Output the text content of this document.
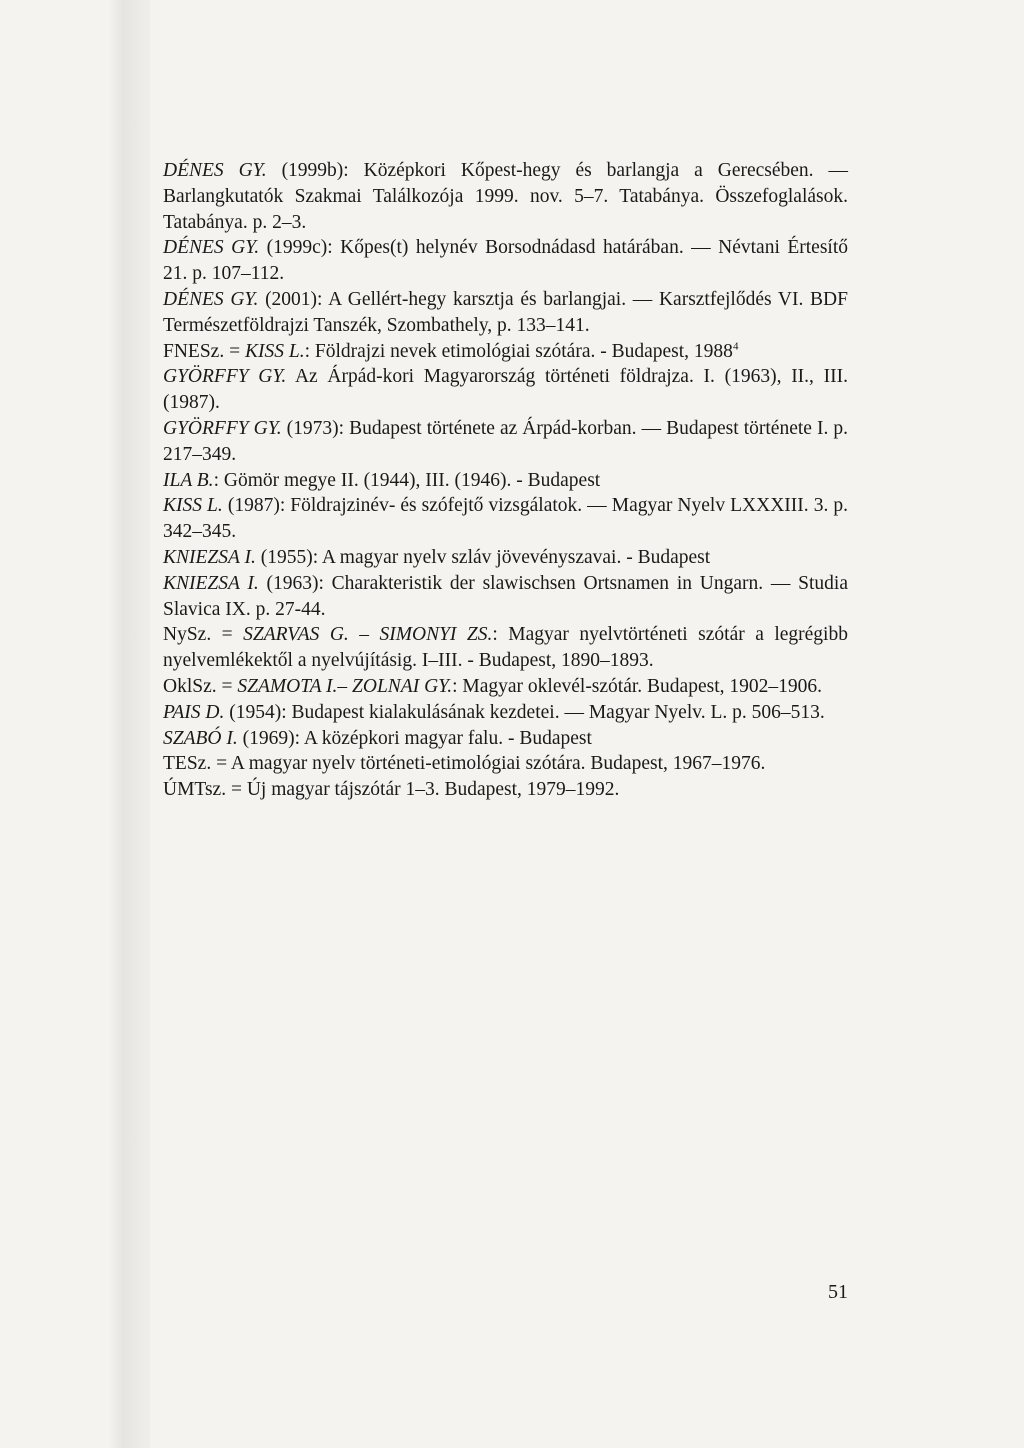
DÉNES GY. (1999b): Középkori Kőpest-hegy és barlangja a Gerecsében. — Barlangkutatók Szakmai Találkozója 1999. nov. 5–7. Tatabánya. Összefoglalások. Tatabánya. p. 2–3.

DÉNES GY. (1999c): Kőpes(t) helynév Borsodnádasd határában. — Névtani Értesítő 21. p. 107–112.

DÉNES GY. (2001): A Gellért-hegy karsztja és barlangjai. — Karsztfejlődés VI. BDF Természetföldrajzi Tanszék, Szombathely, p. 133–141.

FNESz. = KISS L.: Földrajzi nevek etimológiai szótára. - Budapest, 1988$^4$

GYÖRFFY GY. Az Árpád-kori Magyarország történeti földrajza. I. (1963), II., III. (1987).

GYÖRFFY GY. (1973): Budapest története az Árpád-korban. — Budapest története I. p. 217–349.

ILA B.: Gömör megye II. (1944), III. (1946). - Budapest

KISS L. (1987): Földrajzinév- és szófejtő vizsgálatok. — Magyar Nyelv LXXXIII. 3. p. 342–345.

KNIEZSA I. (1955): A magyar nyelv szláv jövevényszavai. - Budapest

KNIEZSA I. (1963): Charakteristik der slawischsen Ortsnamen in Ungarn. — Studia Slavica IX. p. 27-44.

NySz. = SZARVAS G. – SIMONYI ZS.: Magyar nyelvtörténeti szótár a legrégibb nyelvemlékektől a nyelvújításig. I–III. - Budapest, 1890–1893.

OklSz. = SZAMOTA I.– ZOLNAI GY.: Magyar oklevél-szótár. Budapest, 1902–1906.

PAIS D. (1954): Budapest kialakulásának kezdetei. — Magyar Nyelv. L. p. 506–513.

SZABÓ I. (1969): A középkori magyar falu. - Budapest

TESz. = A magyar nyelv történeti-etimológiai szótára. Budapest, 1967–1976.

ÚMTsz. = Új magyar tájszótár 1–3. Budapest, 1979–1992.

51
